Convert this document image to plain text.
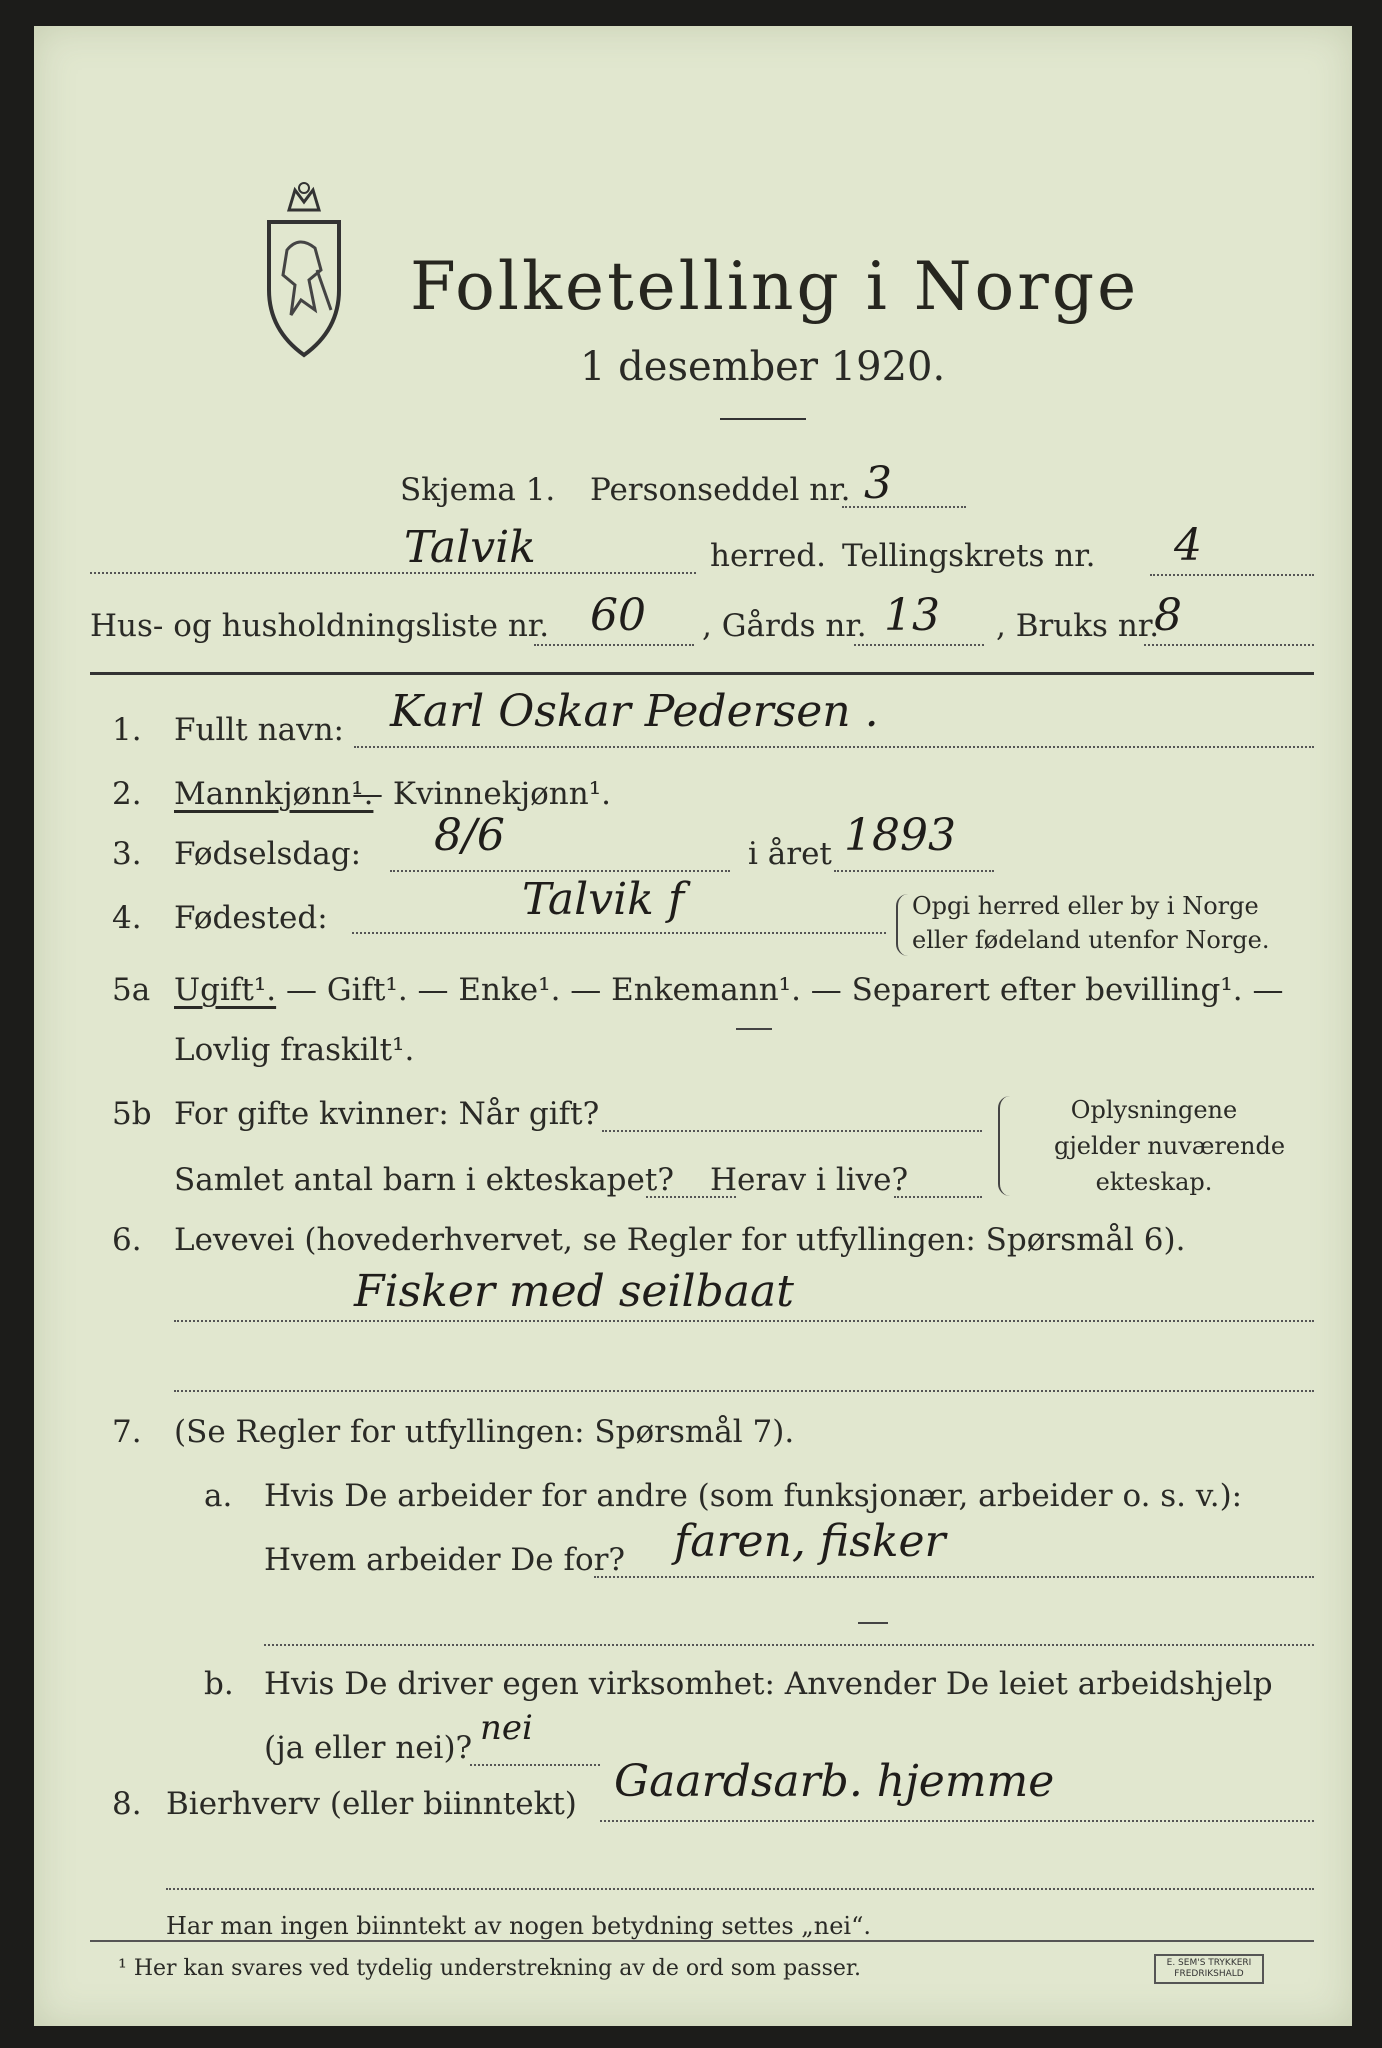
Folketelling i Norge
1 desember 1920.
Skjema 1. Personseddel nr. 3
Talvik	herred. Tellingskrets nr. 4
Hus- og husholdningsliste nr. 60 , Gårds nr. 13 , Bruks nr.
8
1. Fullt navn: Karl Oskar Pedersen .
2. Mannkjønn¹.
— Kvinnekjønn¹.
3. Fødselsdag: 8/6	i året 1893
4. Fødested:	Talvik f	Opgi herred eller by i Norge
eller fødeland utenfor Norge.
5a Ugift¹. — Gift¹. — Enke¹. — Enkemann¹. — Separert efter bevilling¹. —
Lovlig fraskilt¹.
5b For gifte kvinner: Når gift?
Samlet antal barn i ekteskapet? Herav i live?
Oplysningene
gjelder nuværende
ekteskap.
6. Levevei (hovederhvervet, se Regler for utfyllingen: Spørsmål 6).
Fisker med seilbaat
7. (Se Regler for utfyllingen: Spørsmål 7).
a. Hvis De arbeider for andre (som funksjonær, arbeider o. s. v.):
Hvem arbeider De for? faren, fisker
b. Hvis De driver egen virksomhet: Anvender De leiet arbeidshjelp
(ja eller nei)? nei
8. Bierhverv (eller biinntekt) Gaardsarb. hjemme
Har man ingen biinntekt av nogen betydning settes „nei“.
¹ Her kan svares ved tydelig understrekning av de ord som passer.	E. SEM'S TRYKKERI
FREDRIKSHALD
